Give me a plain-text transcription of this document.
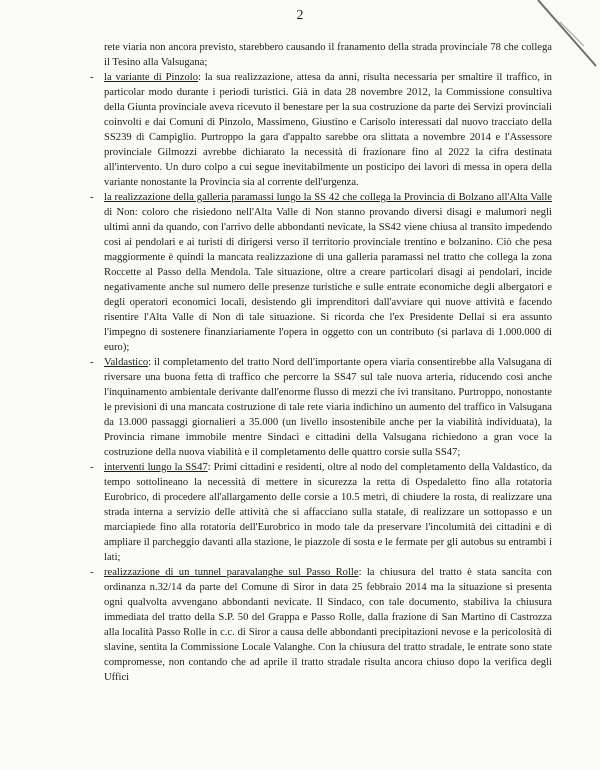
2

rete viaria non ancora previsto, starebbero causando il franamento della strada provinciale 78 che collega il Tesino alla Valsugana;

- la variante di Pinzolo: la sua realizzazione, attesa da anni, risulta necessaria per smaltire il traffico, in particolar modo durante i periodi turistici. Già in data 28 novembre 2012, la Commissione consultiva della Giunta provinciale aveva ricevuto il benestare per la sua costruzione da parte dei Servizi provinciali coinvolti e dai Comuni di Pinzolo, Massimeno, Giustino e Carisolo interessati dal nuovo tracciato della SS239 di Campiglio. Purtroppo la gara d'appalto sarebbe ora slittata a novembre 2014 e l'Assessore provinciale Gilmozzi avrebbe dichiarato la necessità di frazionare fino al 2022 la cifra destinata all'intervento. Un duro colpo a cui segue inevitabilmente un posticipo dei lavori di messa in opera della variante nonostante la Provincia sia al corrente dell'urgenza.
- la realizzazione della galleria paramassi lungo la SS 42 che collega la Provincia di Bolzano all'Alta Valle di Non: coloro che risiedono nell'Alta Valle di Non stanno provando diversi disagi e malumori negli ultimi anni da quando, con l'arrivo delle abbondanti nevicate, la SS42 viene chiusa al transito impedendo così ai pendolari e ai turisti di dirigersi verso il territorio provinciale trentino e bolzanino. Ciò che pesa maggiormente è quindi la mancata realizzazione di una galleria paramassi nel tratto che collega la zona Roccette al Passo della Mendola. Tale situazione, oltre a creare particolari disagi ai pendolari, incide negativamente anche sul numero delle presenze turistiche e sulle entrate economiche degli albergatori e degli operatori economici locali, desistendo gli imprenditori dall'avviare qui nuove attività e facendo risentire l'Alta Valle di Non di tale situazione. Si ricorda che l'ex Presidente Dellai si era assunto l'impegno di sostenere finanziariamente l'opera in oggetto con un contributo (si parlava di 1.000.000 di euro);
- Valdastico: il completamento del tratto Nord dell'importante opera viaria consentirebbe alla Valsugana di riversare una buona fetta di traffico che percorre la SS47 sul tale nuova arteria, riducendo così anche l'inquinamento ambientale derivante dall'enorme flusso di mezzi che ivi transitano. Purtroppo, nonostante le previsioni di una mancata costruzione di tale rete viaria indichino un aumento del traffico in Valsugana da 13.000 passaggi giornalieri a 35.000 (un livello insostenibile anche per la viabilità individuata), la Provincia rimane immobile mentre Sindaci e cittadini della Valsugana richiedono a gran voce la costruzione della nuova viabilità e il completamento delle quattro corsie sulla SS47;
- interventi lungo la SS47: Primi cittadini e residenti, oltre al nodo del completamento della Valdastico, da tempo sottolineano la necessità di mettere in sicurezza la retta di Ospedaletto fino alla rotatoria Eurobrico, di procedere all'allargamento delle corsie a 10.5 metri, di chiudere la rosta, di realizzare una strada interna a servizio delle attività che si affacciano sulla statale, di realizzare un sottopasso e un marciapiede fino alla rotatoria dell'Eurobrico in modo tale da preservare l'incolumità dei cittadini e di ampliare il parcheggio davanti alla stazione, le piazzole di sosta e le fermate per gli autobus su entrambi i lati;
- realizzazione di un tunnel paravalanghe sul Passo Rolle: la chiusura del tratto è stata sancita con ordinanza n.32/14 da parte del Comune di Siror in data 25 febbraio 2014 ma la situazione si presenta ogni qualvolta avvengano abbondanti nevicate. Il Sindaco, con tale documento, stabiliva la chiusura immediata del tratto della S.P. 50 del Grappa e Passo Rolle, dalla frazione di San Martino di Castrozza alla località Passo Rolle in c.c. di Siror a causa delle abbondanti precipitazioni nevose e la pericolosità di slavine, sentita la Commissione Locale Valanghe. Con la chiusura del tratto stradale, le entrate sono state compromesse, non contando che ad aprile il tratto stradale risulta ancora chiuso dopo la verifica degli Uffici
